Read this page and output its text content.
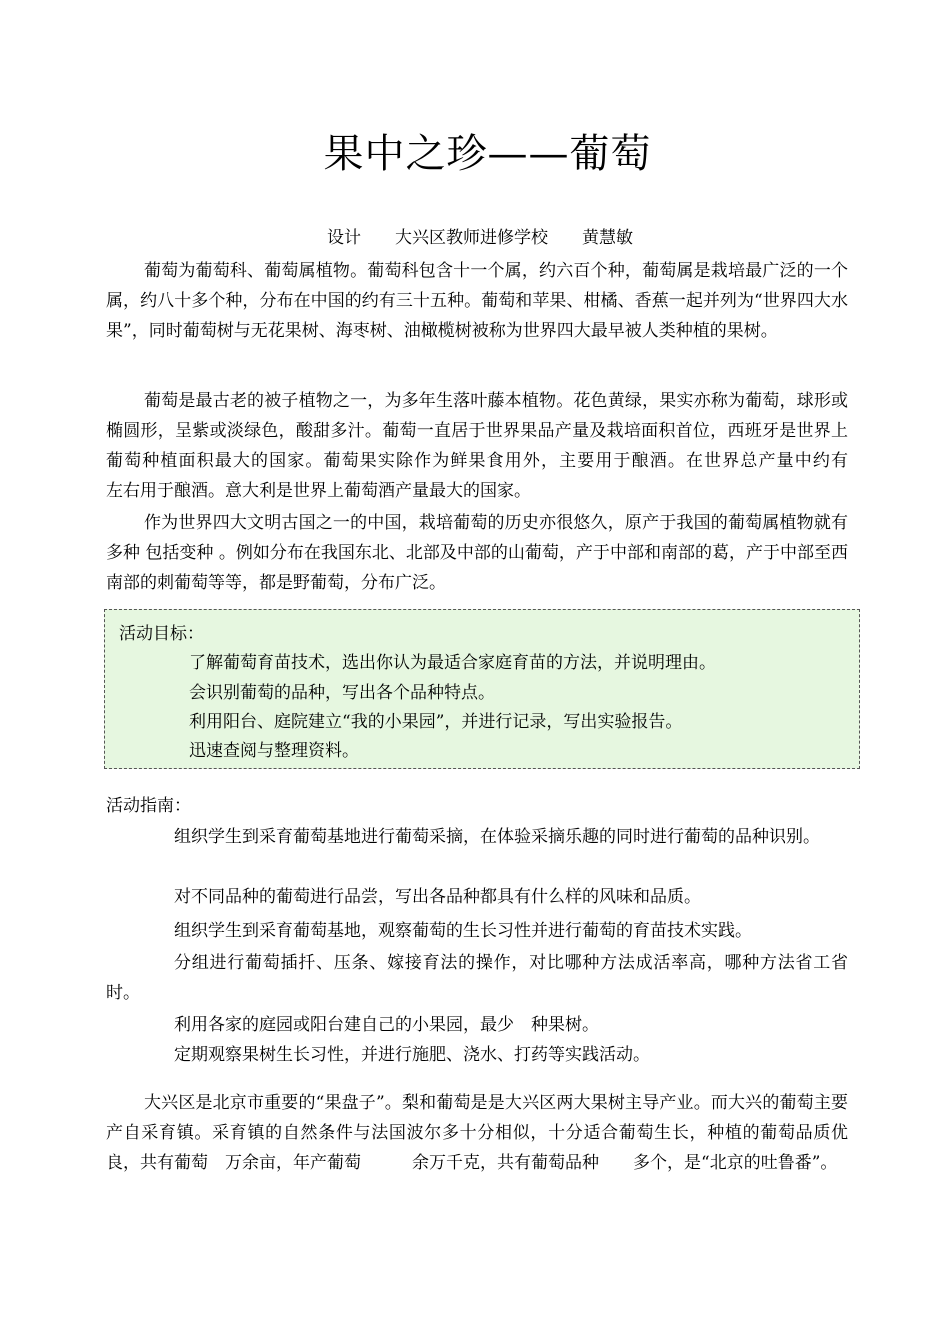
果中之珍——葡萄
设计　　大兴区教师进修学校　　黄慧敏

葡萄为葡萄科、葡萄属植物。葡萄科包含十一个属，约六百个种，葡萄属是栽培最广泛的一个属，约八十多个种，分布在中国的约有三十五种。葡萄和苹果、柑橘、香蕉一起并列为“世界四大水果”，同时葡萄树与无花果树、海枣树、油橄榄树被称为世界四大最早被人类种植的果树。

葡萄是最古老的被子植物之一，为多年生落叶藤本植物。花色黄绿，果实亦称为葡萄，球形或椭圆形，呈紫或淡绿色，酸甜多汁。葡萄一直居于世界果品产量及栽培面积首位，西班牙是世界上葡萄种植面积最大的国家。葡萄果实除作为鲜果食用外，主要用于酿酒。在世界总产量中约有　　左右用于酿酒。意大利是世界上葡萄酒产量最大的国家。

作为世界四大文明古国之一的中国，栽培葡萄的历史亦很悠久，原产于我国的葡萄属植物就有　　多种 包括变种 。例如分布在我国东北、北部及中部的山葡萄，产于中部和南部的葛，产于中部至西南部的刺葡萄等等，都是野葡萄，分布广泛。

活动目标：
了解葡萄育苗技术，选出你认为最适合家庭育苗的方法，并说明理由。
会识别葡萄的品种，写出各个品种特点。
利用阳台、庭院建立“我的小果园”，并进行记录，写出实验报告。
迅速查阅与整理资料。
活动指南：

组织学生到采育葡萄基地进行葡萄采摘，在体验采摘乐趣的同时进行葡萄的品种识别。

对不同品种的葡萄进行品尝，写出各品种都具有什么样的风味和品质。

组织学生到采育葡萄基地，观察葡萄的生长习性并进行葡萄的育苗技术实践。

分组进行葡萄插扦、压条、嫁接育法的操作，对比哪种方法成活率高，哪种方法省工省时。

利用各家的庭园或阳台建自己的小果园，最少　种果树。

定期观察果树生长习性，并进行施肥、浇水、打药等实践活动。

大兴区是北京市重要的“果盘子”。梨和葡萄是是大兴区两大果树主导产业。而大兴的葡萄主要产自采育镇。采育镇的自然条件与法国波尔多十分相似，十分适合葡萄生长，种植的葡萄品质优良，共有葡萄　万余亩，年产葡萄　　　余万千克，共有葡萄品种　　多个，是“北京的吐鲁番”。
